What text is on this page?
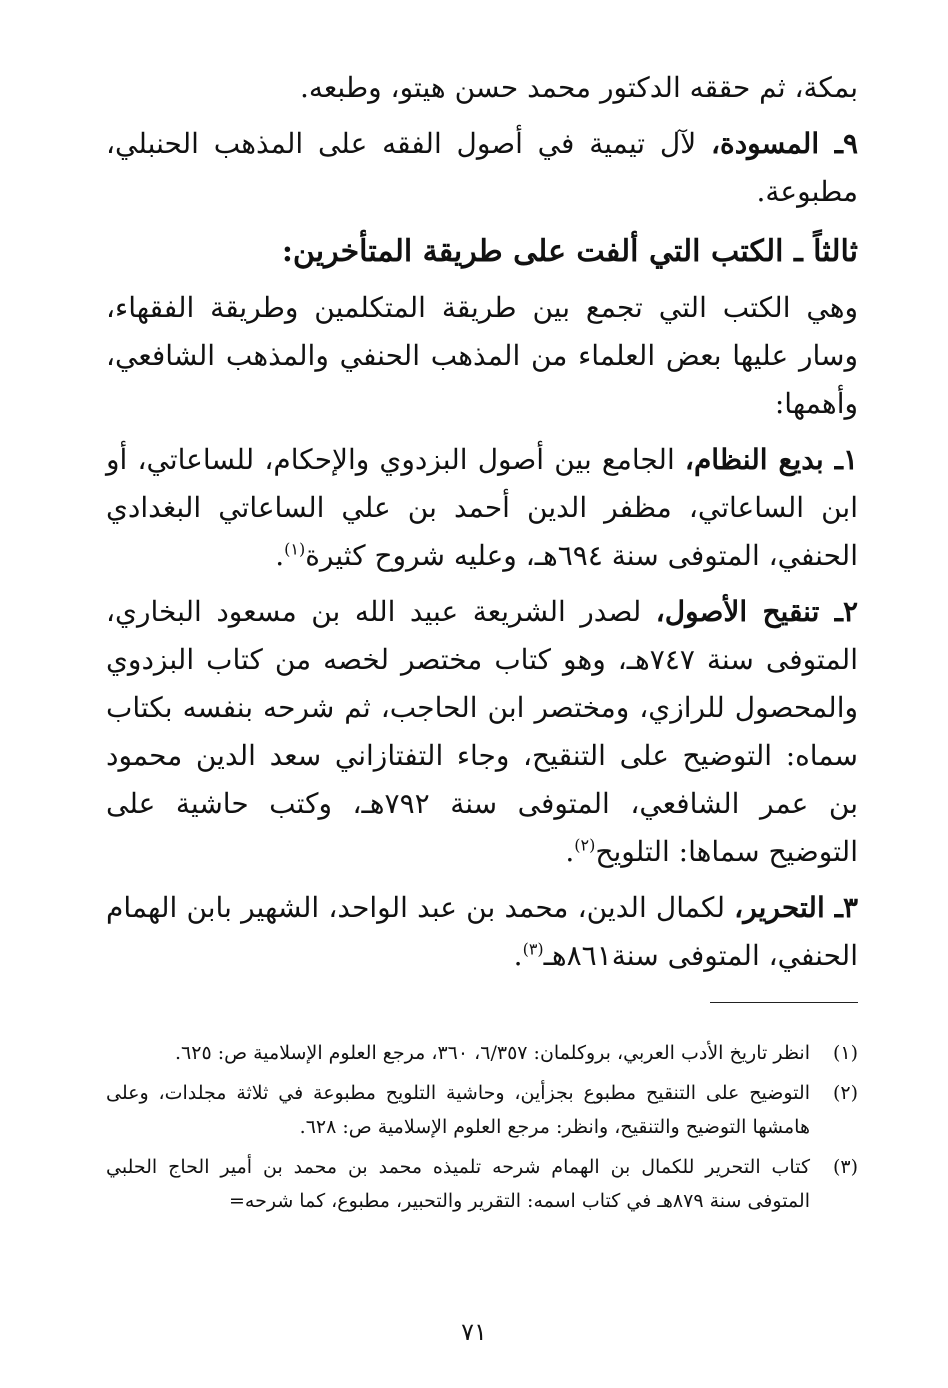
بمكة، ثم حققه الدكتور محمد حسن هيتو، وطبعه.

٩ـ المسودة، لآل تيمية في أصول الفقه على المذهب الحنبلي، مطبوعة.

ثالثاً ـ الكتب التي ألفت على طريقة المتأخرين:

وهي الكتب التي تجمع بين طريقة المتكلمين وطريقة الفقهاء، وسار عليها بعض العلماء من المذهب الحنفي والمذهب الشافعي، وأهمها:

١ـ بديع النظام، الجامع بين أصول البزدوي والإحكام، للساعاتي، أو ابن الساعاتي، مظفر الدين أحمد بن علي الساعاتي البغدادي الحنفي، المتوفى سنة ٦٩٤هـ، وعليه شروح كثيرة$^{(١)}$.

٢ـ تنقيح الأصول، لصدر الشريعة عبيد الله بن مسعود البخاري، المتوفى سنة ٧٤٧هـ، وهو كتاب مختصر لخصه من كتاب البزدوي والمحصول للرازي، ومختصر ابن الحاجب، ثم شرحه بنفسه بكتاب سماه: التوضيح على التنقيح، وجاء التفتازاني سعد الدين محمود بن عمر الشافعي، المتوفى سنة ٧٩٢هـ، وكتب حاشية على التوضيح سماها: التلويح$^{(٢)}$.

٣ـ التحرير، لكمال الدين، محمد بن عبد الواحد، الشهير بابن الهمام الحنفي، المتوفى سنة٨٦١هـ$^{(٣)}$.

(١)
انظر تاريخ الأدب العربي، بروكلمان: ٦/٣٥٧، ٣٦٠، مرجع العلوم الإسلامية ص: ٦٢٥.
(٢)
التوضيح على التنقيح مطبوع بجزأين، وحاشية التلويح مطبوعة في ثلاثة مجلدات، وعلى هامشها التوضيح والتنقيح، وانظر: مرجع العلوم الإسلامية ص: ٦٢٨.
(٣)
كتاب التحرير للكمال بن الهمام شرحه تلميذه محمد بن محمد بن أمير الحاج الحلبي المتوفى سنة ٨٧٩هـ في كتاب اسمه: التقرير والتحبير، مطبوع، كما شرحه=
٧١
